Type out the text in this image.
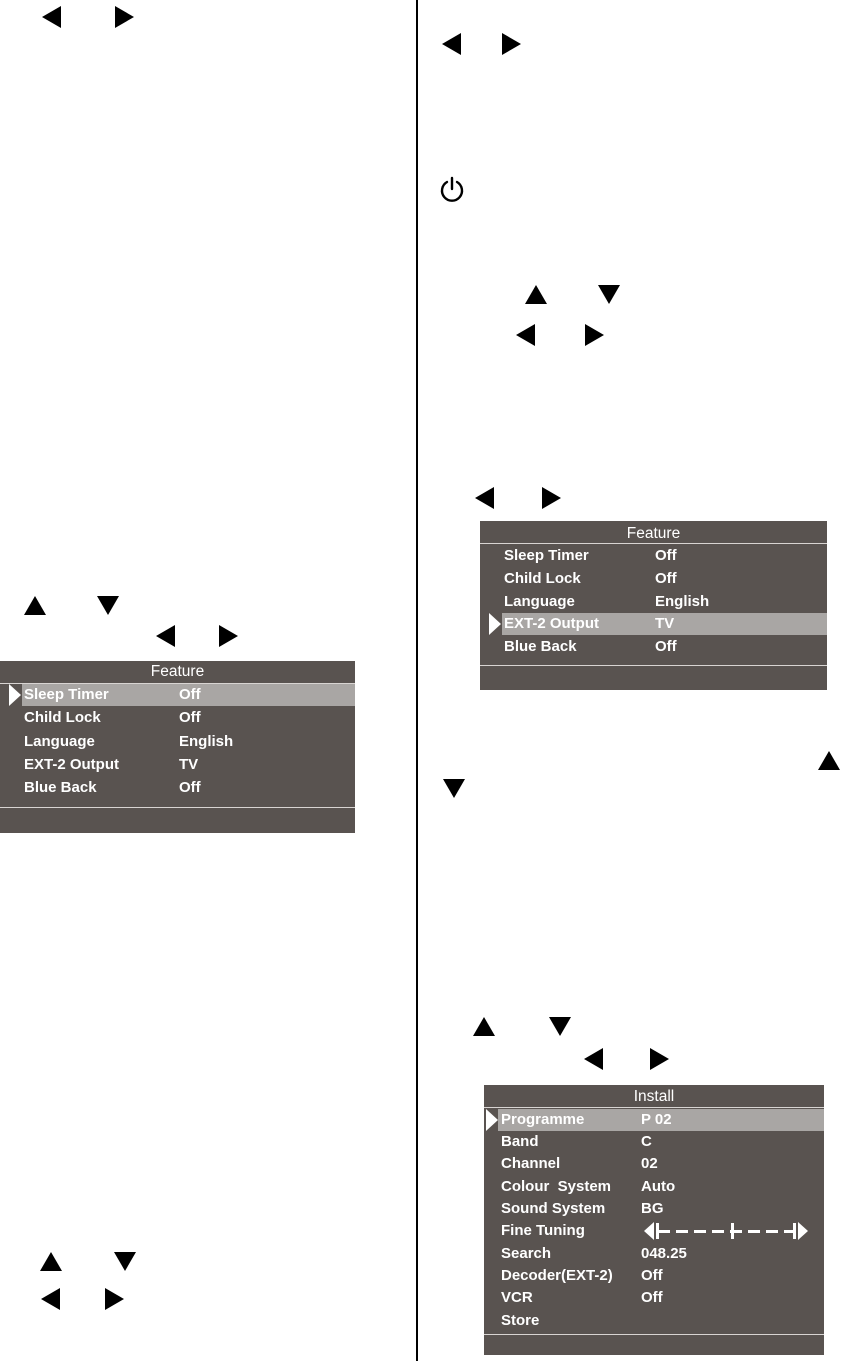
Feature
Sleep Timer	Off
Child Lock	Off
Language	English
EXT-2 Output	TV
Blue Back	Off
Feature
Sleep Timer	Off
Child Lock	Off
Language	English
EXT-2 Output	TV
Blue Back	Off
Install
Programme	P 02
Band	C
Channel	02
Colour  System Auto
Sound System BG
Fine Tuning
Search	048.25
Decoder(EXT-2) Off
VCR	Off
Store
